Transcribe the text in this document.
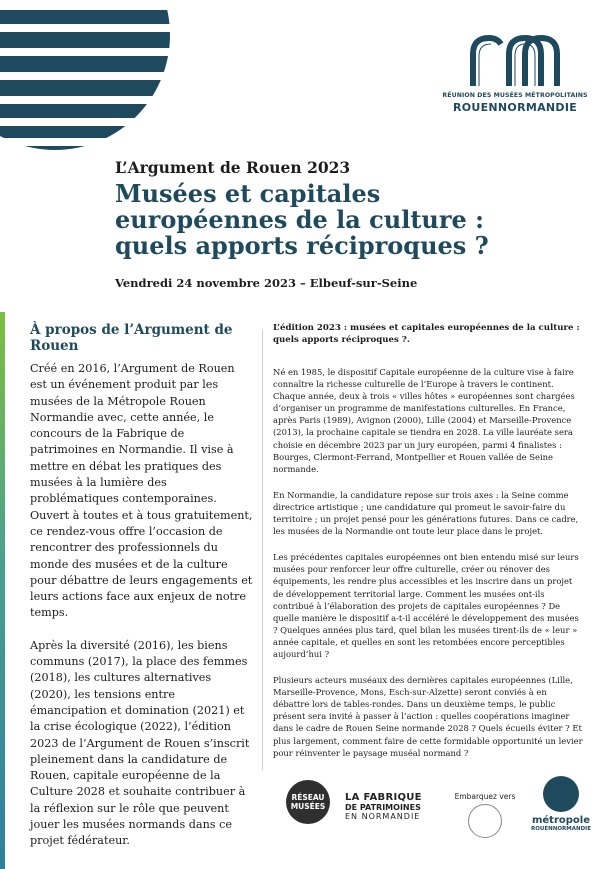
RÉUNION DES MUSÉES MÉTROPOLITAINS
ROUENNORMANDIE

L’Argument de Rouen 2023

Musées et capitales
européennes de la culture :
quels apports réciproques ?
Vendredi 24 novembre 2023 – Elbeuf-sur-Seine
À propos de l’Argument de Rouen

Créé en 2016, l’Argument de Rouen est un événement produit par les musées de la Métropole Rouen Normandie avec, cette année, le concours de la Fabrique de patrimoines en Normandie. Il vise à mettre en débat les pratiques des musées à la lumière des problématiques contemporaines. Ouvert à toutes et à tous gratuitement, ce rendez-vous offre l’occasion de rencontrer des professionnels du monde des musées et de la culture pour débattre de leurs engagements et leurs actions face aux enjeux de notre temps.

Après la diversité (2016), les biens communs (2017), la place des femmes (2018), les cultures alternatives (2020), les tensions entre émancipation et domination (2021) et la crise écologique (2022), l’édition 2023 de l’Argument de Rouen s’inscrit pleinement dans la candidature de Rouen, capitale européenne de la Culture 2028 et souhaite contribuer à la réflexion sur le rôle que peuvent jouer les musées normands dans ce projet fédérateur.

L’édition 2023 : musées et capitales européennes de la culture : quels apports réciproques ?.

Né en 1985, le dispositif Capitale européenne de la culture vise à faire connaître la richesse culturelle de l’Europe à travers le continent. Chaque année, deux à trois « villes hôtes » européennes sont chargées d’organiser un programme de manifestations culturelles. En France, après Paris (1989), Avignon (2000), Lille (2004) et Marseille-Provence (2013), la prochaine capitale se tiendra en 2028. La ville lauréate sera choisie en décembre 2023 par un jury européen, parmi 4 finalistes : Bourges, Clermont-Ferrand, Montpellier et Rouen vallée de Seine normande.

En Normandie, la candidature repose sur trois axes : la Seine comme directrice artistique ; une candidature qui promeut le savoir-faire du territoire ; un projet pensé pour les générations futures. Dans ce cadre, les musées de la Normandie ont toute leur place dans le projet.

Les précédentes capitales européennes ont bien entendu misé sur leurs musées pour renforcer leur offre culturelle, créer ou rénover des équipements, les rendre plus accessibles et les inscrire dans un projet de développement territorial large. Comment les musées ont-ils contribué à l’élaboration des projets de capitales européennes ? De quelle manière le dispositif a-t-il accéléré le développement des musées ? Quelques années plus tard, quel bilan les musées tirent-ils de « leur » année capitale, et quelles en sont les retombées encore perceptibles aujourd’hui ?

Plusieurs acteurs muséaux des dernières capitales européennes (Lille, Marseille-Provence, Mons, Esch-sur-Alzette) seront conviés à en débattre lors de tables-rondes. Dans un deuxième temps, le public présent sera invité à passer à l’action : quelles coopérations imaginer dans le cadre de Rouen Seine normande 2028 ? Quels écueils éviter ? Et plus largement, comment faire de cette formidable opportunité un levier pour réinventer le paysage muséal normand ?

RÉSEAU
MUSÉES
LA FABRIQUE
DE PATRIMOINES
EN NORMANDIE
Embarquez vers
métropole
ROUENNORMANDIE
